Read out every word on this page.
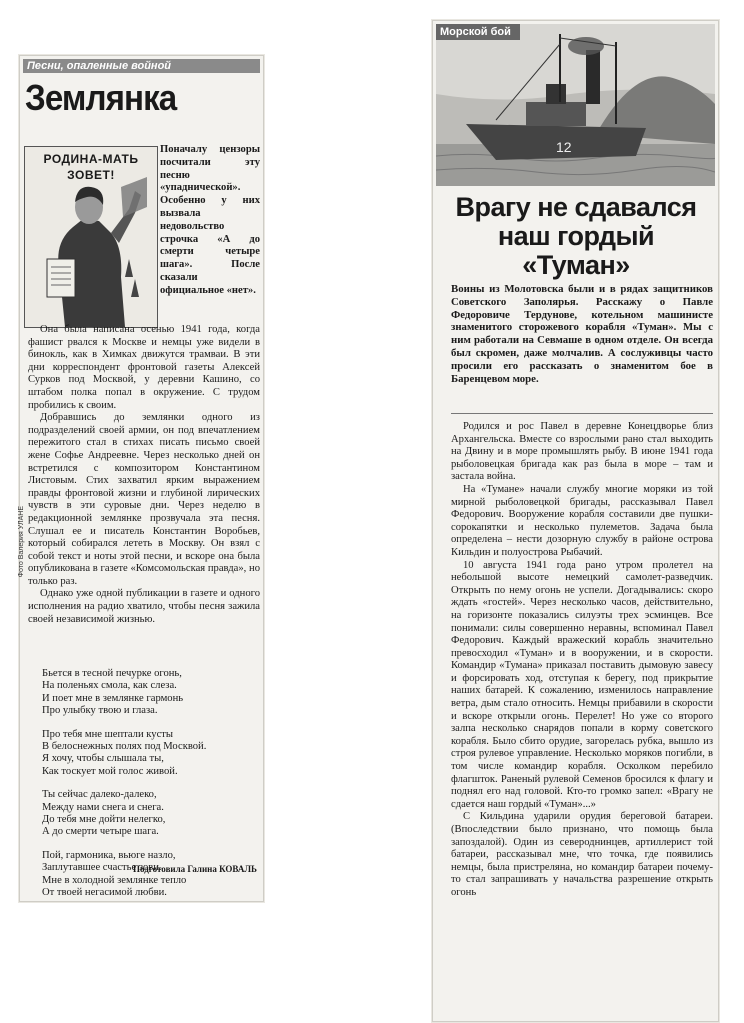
Песни, опаленные войной
Землянка
РОДИНА-МАТЬ ЗОВЕТ!
Фото Валерия УЛАНЕ
Поначалу цензоры посчитали эту песню «упаднической». Особенно у них вызвала недовольство строчка «А до смерти четыре шага». После сказали официальное «нет».

Она была написана осенью 1941 года, когда фашист рвался к Москве и немцы уже видели в бинокль, как в Химках движутся трамваи. В эти дни корреспондент фронтовой газеты Алексей Сурков под Москвой, у деревни Кашино, со штабом полка попал в окружение. С трудом пробились к своим.

Добравшись до землянки одного из подразделений своей армии, он под впечатлением пережитого стал в стихах писать письмо своей жене Софье Андреевне. Через несколько дней он встретился с композитором Константином Листовым. Стих захватил ярким выражением правды фронтовой жизни и глубиной лирических чувств в эти суровые дни. Через неделю в редакционной землянке прозвучала эта песня. Слушал ее и писатель Константин Воробьев, который собирался лететь в Москву. Он взял с собой текст и ноты этой песни, и вскоре она была опубликована в газете «Комсомольская правда», но только раз.

Однако уже одной публикации в газете и одного исполнения на радио хватило, чтобы песня зажила своей независимой жизнью.

Бьется в тесной печурке огонь,
На поленьях смола, как слеза.
И поет мне в землянке гармонь
Про улыбку твою и глаза.
Про тебя мне шептали кусты
В белоснежных полях под Москвой.
Я хочу, чтобы слышала ты,
Как тоскует мой голос живой.
Ты сейчас далеко-далеко,
Между нами снега и снега.
До тебя мне дойти нелегко,
А до смерти четыре шага.
Пой, гармоника, вьюге назло,
Заплутавшее счастье зови.
Мне в холодной землянке тепло
От твоей негасимой любви.
Подготовила Галина КОВАЛЬ
12
Морской бой
Врагу не сдавался наш гордый «Туман»
Воины из Молотовска были и в рядах защитников Советского Заполярья. Расскажу о Павле Федоровиче Тердунове, котельном машинисте знаменитого сторожевого корабля «Туман». Мы с ним работали на Севмаше в одном отделе. Он всегда был скромен, даже молчалив. А сослуживцы часто просили его рассказать о знаменитом бое в Баренцевом море.

Родился и рос Павел в деревне Конецдворье близ Архангельска. Вместе со взрослыми рано стал выходить на Двину и в море промышлять рыбу. В июне 1941 года рыболовецкая бригада как раз была в море – там и застала война.

На «Тумане» начали службу многие моряки из той мирной рыболовецкой бригады, рассказывал Павел Федорович. Вооружение корабля составили две пушки-сорокапятки и несколько пулеметов. Задача была определена – нести дозорную службу в районе острова Кильдин и полуострова Рыбачий.

10 августа 1941 года рано утром пролетел на небольшой высоте немецкий самолет-разведчик. Открыть по нему огонь не успели. Догадывались: скоро ждать «гостей». Через несколько часов, действительно, на горизонте показались силуэты трех эсминцев. Все понимали: силы совершенно неравны, вспоминал Павел Федорович. Каждый вражеский корабль значительно превосходил «Туман» и в вооружении, и в скорости. Командир «Тумана» приказал поставить дымовую завесу и форсировать ход, отступая к берегу, под прикрытие наших батарей. К сожалению, изменилось направление ветра, дым стало относить. Немцы прибавили в скорости и вскоре открыли огонь. Перелет! Но уже со второго залпа несколько снарядов попали в корму советского корабля. Было сбито орудие, загорелась рубка, вышло из строя рулевое управление. Несколько моряков погибли, в том числе командир корабля. Осколком перебило флагшток. Раненый рулевой Семенов бросился к флагу и поднял его над головой. Кто-то громко запел: «Врагу не сдается наш гордый «Туман»...»

С Кильдина ударили орудия береговой батареи. (Впоследствии было признано, что помощь была запоздалой). Один из североднинцев, артиллерист той батареи, рассказывал мне, что точка, где появились немцы, была пристреляна, но командир батареи почему-то стал запрашивать у начальства разрешение открыть огонь
